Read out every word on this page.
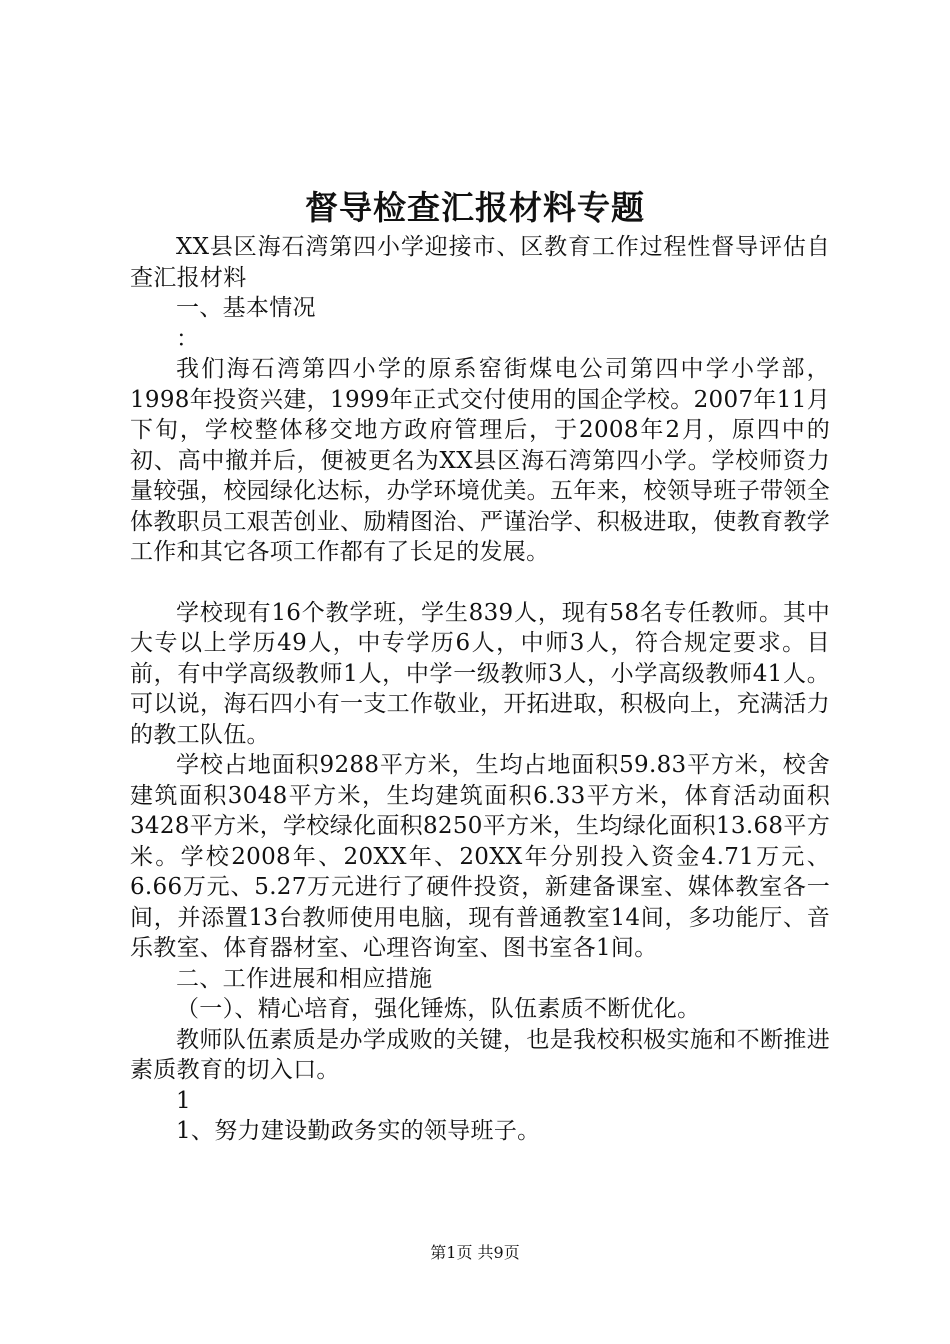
督导检查汇报材料专题

XX县区海石湾第四小学迎接市、区教育工作过程性督导评估自查汇报材料

一、基本情况

：

我们海石湾第四小学的原系窑街煤电公司第四中学小学部，1998年投资兴建，1999年正式交付使用的国企学校。2007年11月下旬，学校整体移交地方政府管理后，于2008年2月，原四中的初、高中撤并后，便被更名为XX县区海石湾第四小学。学校师资力量较强，校园绿化达标，办学环境优美。五年来，校领导班子带领全体教职员工艰苦创业、励精图治、严谨治学、积极进取，使教育教学工作和其它各项工作都有了长足的发展。

学校现有16个教学班，学生839人，现有58名专任教师。其中大专以上学历49人，中专学历6人，中师3人，符合规定要求。目前，有中学高级教师1人，中学一级教师3人，小学高级教师41人。可以说，海石四小有一支工作敬业，开拓进取，积极向上，充满活力的教工队伍。

学校占地面积9288平方米，生均占地面积59.83平方米，校舍建筑面积3048平方米，生均建筑面积6.33平方米，体育活动面积3428平方米，学校绿化面积8250平方米，生均绿化面积13.68平方米。学校2008年、20XX年、20XX年分别投入资金4.71万元、6.66万元、5.27万元进行了硬件投资，新建备课室、媒体教室各一间，并添置13台教师使用电脑，现有普通教室14间，多功能厅、音乐教室、体育器材室、心理咨询室、图书室各1间。

二、工作进展和相应措施

（一）、精心培育，强化锤炼，队伍素质不断优化。

教师队伍素质是办学成败的关键，也是我校积极实施和不断推进素质教育的切入口。

1

1、努力建设勤政务实的领导班子。

第1页 共9页
